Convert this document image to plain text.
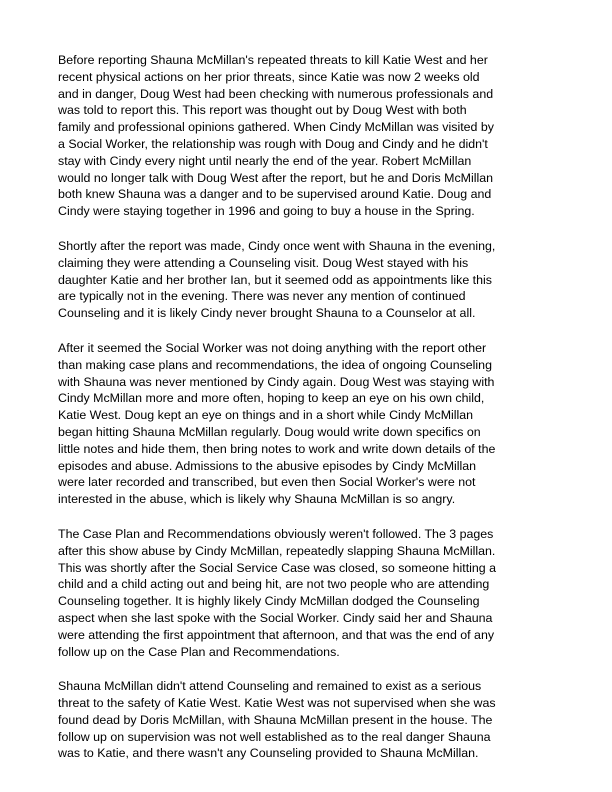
Before reporting Shauna McMillan's repeated threats to kill Katie West and her
recent physical actions on her prior threats, since Katie was now 2 weeks old
and in danger, Doug West had been checking with numerous professionals and
was told to report this. This report was thought out by Doug West with both
family and professional opinions gathered. When Cindy McMillan was visited by
a Social Worker, the relationship was rough with Doug and Cindy and he didn't
stay with Cindy every night until nearly the end of the year. Robert McMillan
would no longer talk with Doug West after the report, but he and Doris McMillan
both knew Shauna was a danger and to be supervised around Katie. Doug and
Cindy were staying together in 1996 and going to buy a house in the Spring.

Shortly after the report was made, Cindy once went with Shauna in the evening,
claiming they were attending a Counseling visit. Doug West stayed with his
daughter Katie and her brother Ian, but it seemed odd as appointments like this
are typically not in the evening. There was never any mention of continued
Counseling and it is likely Cindy never brought Shauna to a Counselor at all.

After it seemed the Social Worker was not doing anything with the report other
than making case plans and recommendations, the idea of ongoing Counseling
with Shauna was never mentioned by Cindy again. Doug West was staying with
Cindy McMillan more and more often, hoping to keep an eye on his own child,
Katie West. Doug kept an eye on things and in a short while Cindy McMillan
began hitting Shauna McMillan regularly. Doug would write down specifics on
little notes and hide them, then bring notes to work and write down details of the
episodes and abuse. Admissions to the abusive episodes by Cindy McMillan
were later recorded and transcribed, but even then Social Worker's were not
interested in the abuse, which is likely why Shauna McMillan is so angry.

The Case Plan and Recommendations obviously weren't followed. The 3 pages
after this show abuse by Cindy McMillan, repeatedly slapping Shauna McMillan.
This was shortly after the Social Service Case was closed, so someone hitting a
child and a child acting out and being hit, are not two people who are attending
Counseling together. It is highly likely Cindy McMillan dodged the Counseling
aspect when she last spoke with the Social Worker. Cindy said her and Shauna
were attending the first appointment that afternoon, and that was the end of any
follow up on the Case Plan and Recommendations.

Shauna McMillan didn't attend Counseling and remained to exist as a serious
threat to the safety of Katie West. Katie West was not supervised when she was
found dead by Doris McMillan, with Shauna McMillan present in the house. The
follow up on supervision was not well established as to the real danger Shauna
was to Katie, and there wasn't any Counseling provided to Shauna McMillan.
